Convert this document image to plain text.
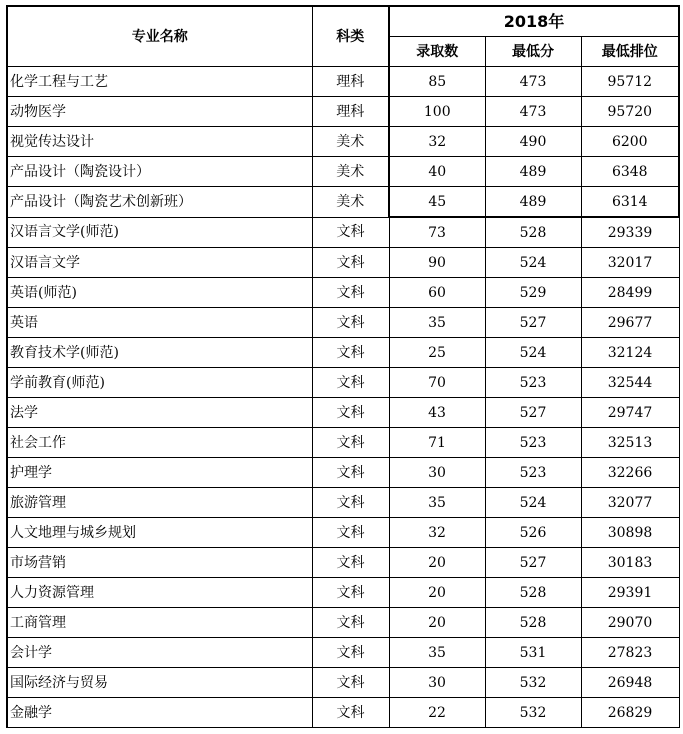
专业名称	科类	2018年		
		录取数	最低分	最低排位
化学工程与工艺	理科	85	473	95712
动物医学	理科	100	473	95720
视觉传达设计	美术	32	490	6200
产品设计（陶瓷设计）	美术	40	489	6348
产品设计（陶瓷艺术创新班）	美术	45	489	6314
汉语言文学(师范)	文科	73	528	29339
汉语言文学	文科	90	524	32017
英语(师范)	文科	60	529	28499
英语	文科	35	527	29677
教育技术学(师范)	文科	25	524	32124
学前教育(师范)	文科	70	523	32544
法学	文科	43	527	29747
社会工作	文科	71	523	32513
护理学	文科	30	523	32266
旅游管理	文科	35	524	32077
人文地理与城乡规划	文科	32	526	30898
市场营销	文科	20	527	30183
人力资源管理	文科	20	528	29391
工商管理	文科	20	528	29070
会计学	文科	35	531	27823
国际经济与贸易	文科	30	532	26948
金融学	文科	22	532	26829
